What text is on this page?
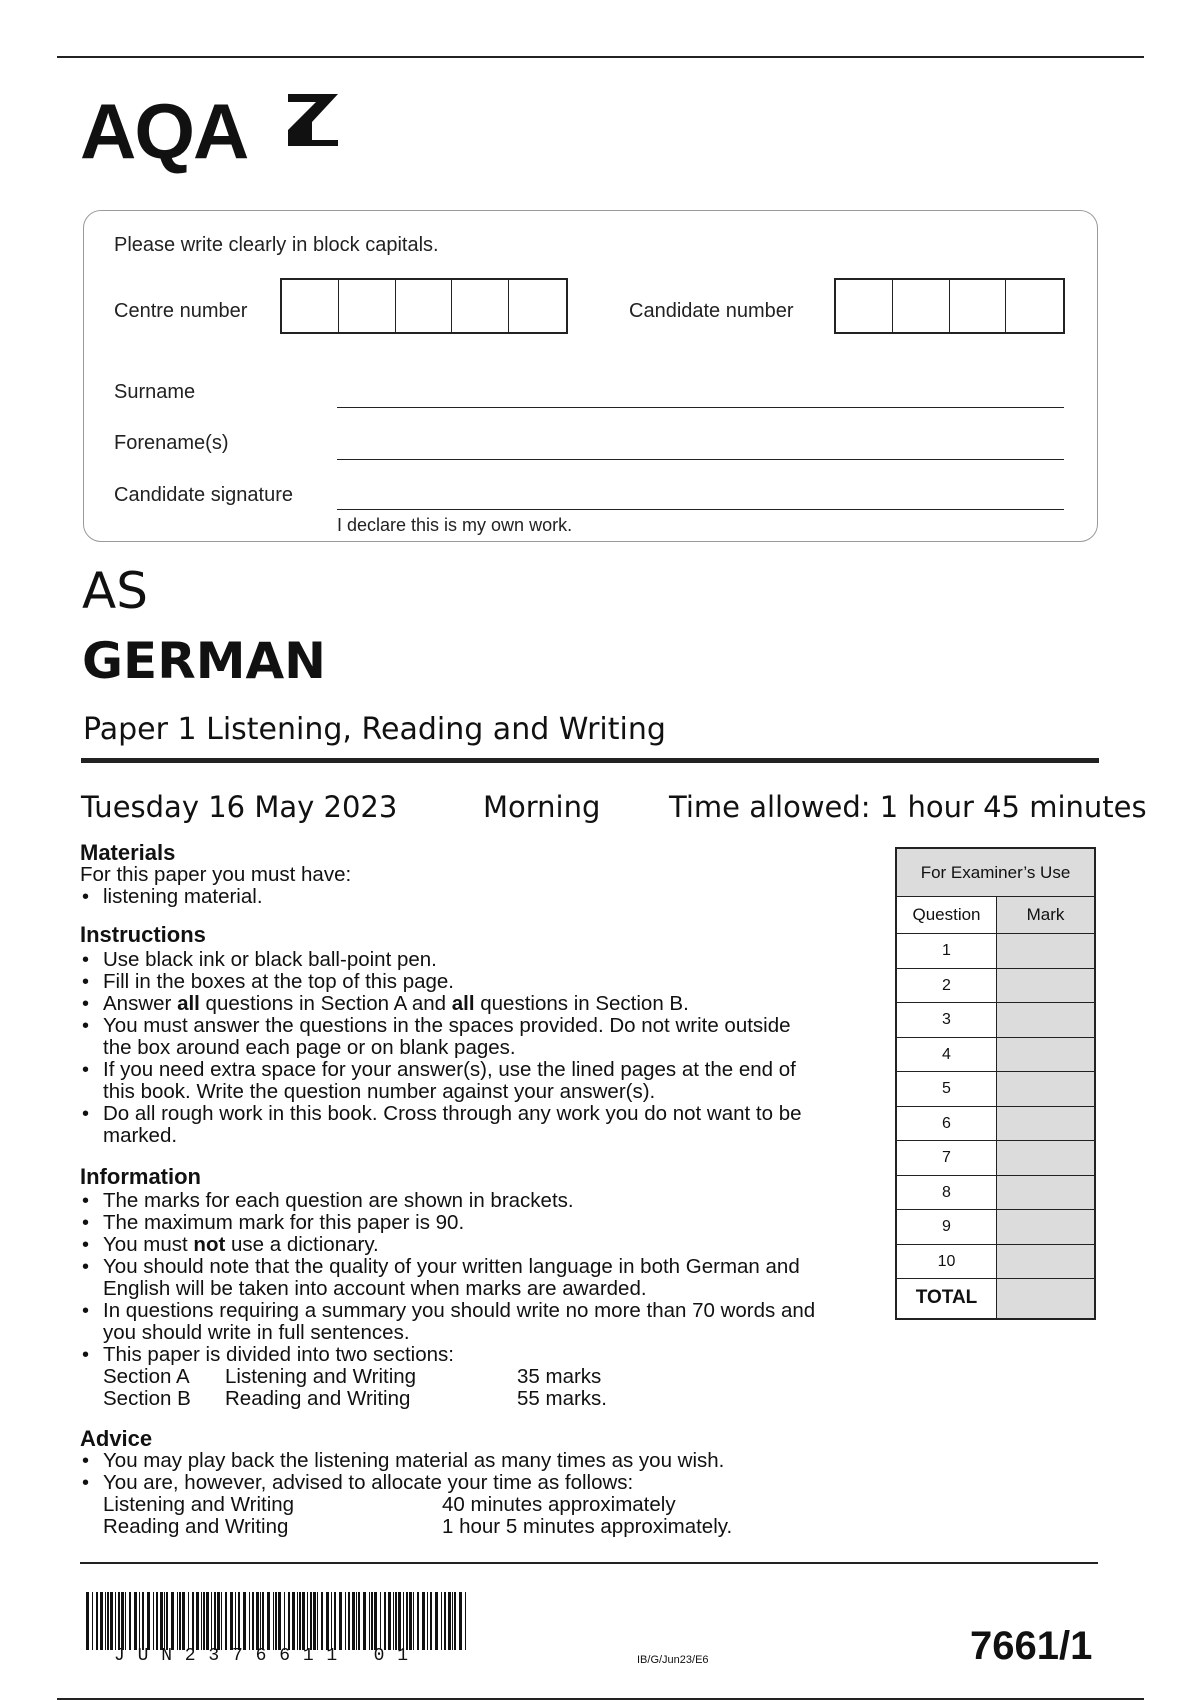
AQA
Please write clearly in block capitals.
Centre number	Candidate number
Surname
Forename(s)
Candidate signature
I declare this is my own work.
AS
GERMAN
Paper 1 Listening, Reading and Writing
Tuesday 16 May 2023	Morning Time allowed: 1 hour 45 minutes
Materials
For this paper you must have:
• listening material.
Instructions
• Use black ink or black ball-point pen.
• Fill in the boxes at the top of this page.
• Answer all questions in Section A and all questions in Section B.
• You must answer the questions in the spaces provided. Do not write outside
the box around each page or on blank pages.
• If you need extra space for your answer(s), use the lined pages at the end of
this book. Write the question number against your answer(s).
• Do all rough work in this book. Cross through any work you do not want to be
marked.
Information
• The marks for each question are shown in brackets.
• The maximum mark for this paper is 90.
• You must not use a dictionary.
• You should note that the quality of your written language in both German and
English will be taken into account when marks are awarded.
• In questions requiring a summary you should write no more than 70 words and
you should write in full sentences.
• This paper is divided into two sections:
Section A Listening and Writing	35 marks
Section B Reading and Writing	55 marks.
Advice
• You may play back the listening material as many times as you wish.
• You are, however, advised to allocate your time as follows:
Listening and Writing	40 minutes approximately
Reading and Writing	1 hour 5 minutes approximately.
For Examiner’s Use
Question	Mark
1
2
3
4
5
6
7
8
9
10
TOTAL
JUN2376611 01	IB/G/Jun23/E6	7661/1
